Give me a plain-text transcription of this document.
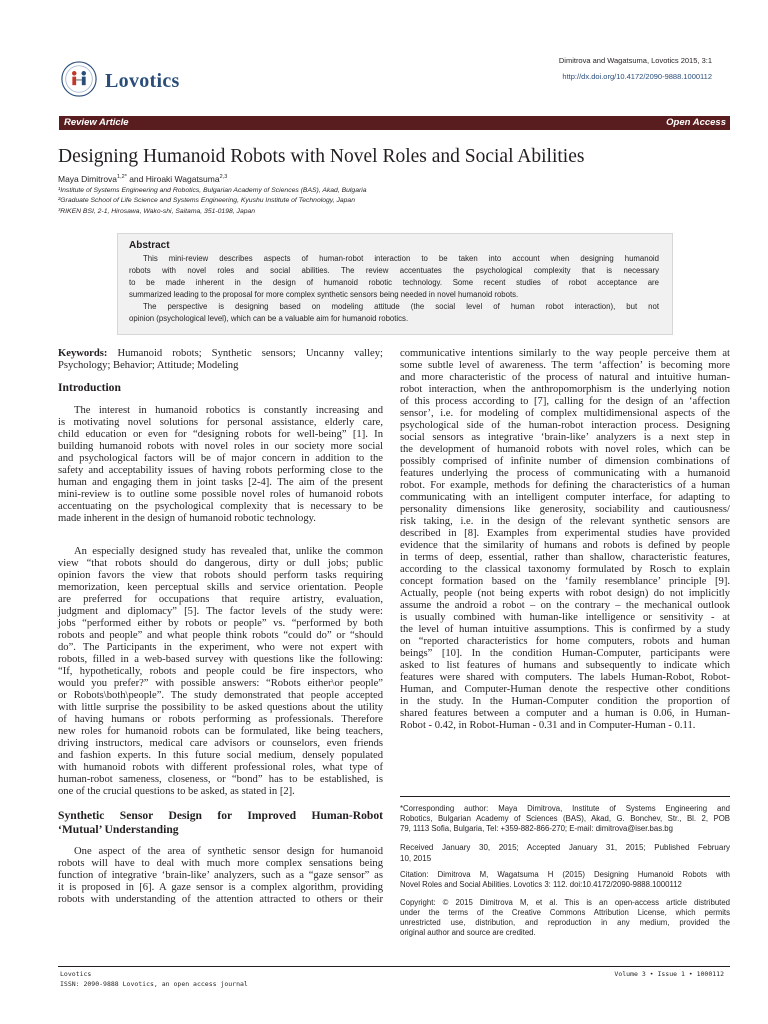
Lovotics
Dimitrova and Wagatsuma, Lovotics 2015, 3:1
http://dx.doi.org/10.4172/2090-9888.1000112
Review Article	Open Access
Designing Humanoid Robots with Novel Roles and Social Abilities
Maya Dimitrova$^{1,2*}$ and Hiroaki Wagatsuma$^{2,3}$
¹Institute of Systems Engineering and Robotics, Bulgarian Academy of Sciences (BAS), Akad, Bulgaria
²Graduate School of Life Science and Systems Engineering, Kyushu Institute of Technology, Japan
³RIKEN BSI, 2-1, Hirosawa, Wako-shi, Saitama, 351-0198, Japan
Abstract
This mini-review describes aspects of human-robot interaction to be taken into account when designing humanoid
robots with novel roles and social abilities. The review accentuates the psychological complexity that is necessary
to be made inherent in the design of humanoid robotic technology. Some recent studies of robot acceptance are
summarized leading to the proposal for more complex synthetic sensors being needed in novel humanoid robots.
The perspective is designing based on modeling attitude (the social level of human robot interaction), but not
opinion (psychological level), which can be a valuable aim for humanoid robotics.
Keywords: Humanoid robots; Synthetic sensors; Uncanny valley;
Psychology; Behavior; Attitude; Modeling
Introduction
The interest in humanoid robotics is constantly increasing and
is motivating novel solutions for personal assistance, elderly care,
child education or even for “designing robots for well-being” [1]. In
building humanoid robots with novel roles in our society more social
and psychological factors will be of major concern in addition to the
safety and acceptability issues of having robots performing close to the
human and engaging them in joint tasks [2-4]. The aim of the present
mini-review is to outline some possible novel roles of humanoid robots
accentuating on the psychological complexity that is necessary to be
made inherent in the design of humanoid robotic technology.
An especially designed study has revealed that, unlike the common
view “that robots should do dangerous, dirty or dull jobs; public
opinion favors the view that robots should perform tasks requiring
memorization, keen perceptual skills and service orientation. People
are preferred for occupations that require artistry, evaluation,
judgment and diplomacy” [5]. The factor levels of the study were:
jobs “performed either by robots or people” vs. “performed by both
robots and people” and what people think robots “could do” or “should
do”. The Participants in the experiment, who were not expert with
robots, filled in a web-based survey with questions like the following:
“If, hypothetically, robots and people could be fire inspectors, who
would you prefer?” with possible answers: “Robots either\or people”
or Robots\both\people”. The study demonstrated that people accepted
with little surprise the possibility to be asked questions about the utility
of having humans or robots performing as professionals. Therefore
new roles for humanoid robots can be formulated, like being teachers,
driving instructors, medical care advisors or counselors, even friends
and fashion experts. In this future social medium, densely populated
with humanoid robots with different professional roles, what type of
human-robot sameness, closeness, or “bond” has to be established, is
one of the crucial questions to be asked, as stated in [2].
Synthetic Sensor Design for Improved Human-Robot
‘Mutual’ Understanding
One aspect of the area of synthetic sensor design for humanoid
robots will have to deal with much more complex sensations being
function of integrative ‘brain-like’ analyzers, such as a “gaze sensor” as
it is proposed in [6]. A gaze sensor is a complex algorithm, providing
robots with understanding of the attention attracted to others or their
communicative intentions similarly to the way people perceive them at
some subtle level of awareness. The term ‘affection’ is becoming more
and more characteristic of the process of natural and intuitive human-
robot interaction, when the anthropomorphism is the underlying notion
of this process according to [7], calling for the design of an ‘affection
sensor’, i.e. for modeling of complex multidimensional aspects of the
psychological side of the human-robot interaction process. Designing
social sensors as integrative ‘brain-like’ analyzers is a next step in
the development of humanoid robots with novel roles, which can be
possibly comprised of infinite number of dimension combinations of
features underlying the process of communicating with a humanoid
robot. For example, methods for defining the characteristics of a human
communicating with an intelligent computer interface, for adapting to
personality dimensions like generosity, sociability and cautiousness/
risk taking, i.e. in the design of the relevant synthetic sensors are
described in [8]. Examples from experimental studies have provided
evidence that the similarity of humans and robots is defined by people
in terms of deep, essential, rather than shallow, characteristic features,
according to the classical taxonomy formulated by Rosch to explain
concept formation based on the ‘family resemblance’ principle [9].
Actually, people (not being experts with robot design) do not implicitly
assume the android a robot – on the contrary – the mechanical outlook
is usually combined with human-like intelligence or sensitivity - at
the level of human intuitive assumptions. This is confirmed by a study
on “reported characteristics for home computers, robots and human
beings” [10]. In the condition Human-Computer, participants were
asked to list features of humans and subsequently to indicate which
features were shared with computers. The labels Human-Robot, Robot-
Human, and Computer-Human denote the respective other conditions
in the study. In the Human-Computer condition the proportion of
shared features between a computer and a human is 0.06, in Human-
Robot - 0.42, in Robot-Human - 0.31 and in Computer-Human - 0.11.
*Corresponding author: Maya Dimitrova, Institute of Systems Engineering and
Robotics, Bulgarian Academy of Sciences (BAS), Akad, G. Bonchev, Str., Bl. 2, POB
79, 1113 Sofia, Bulgaria, Tel: +359-882-866-270; E-mail: dimitrova@iser.bas.bg
Received January 30, 2015; Accepted January 31, 2015; Published February
10, 2015
Citation: Dimitrova M, Wagatsuma H (2015) Designing Humanoid Robots with
Novel Roles and Social Abilities. Lovotics 3: 112. doi:10.4172/2090-9888.1000112
Copyright: © 2015 Dimitrova M, et al. This is an open-access article distributed
under the terms of the Creative Commons Attribution License, which permits
unrestricted use, distribution, and reproduction in any medium, provided the
original author and source are credited.
Lovotics
ISSN: 2090-9888 Lovotics, an open access journal
Volume 3 • Issue 1 • 1000112
